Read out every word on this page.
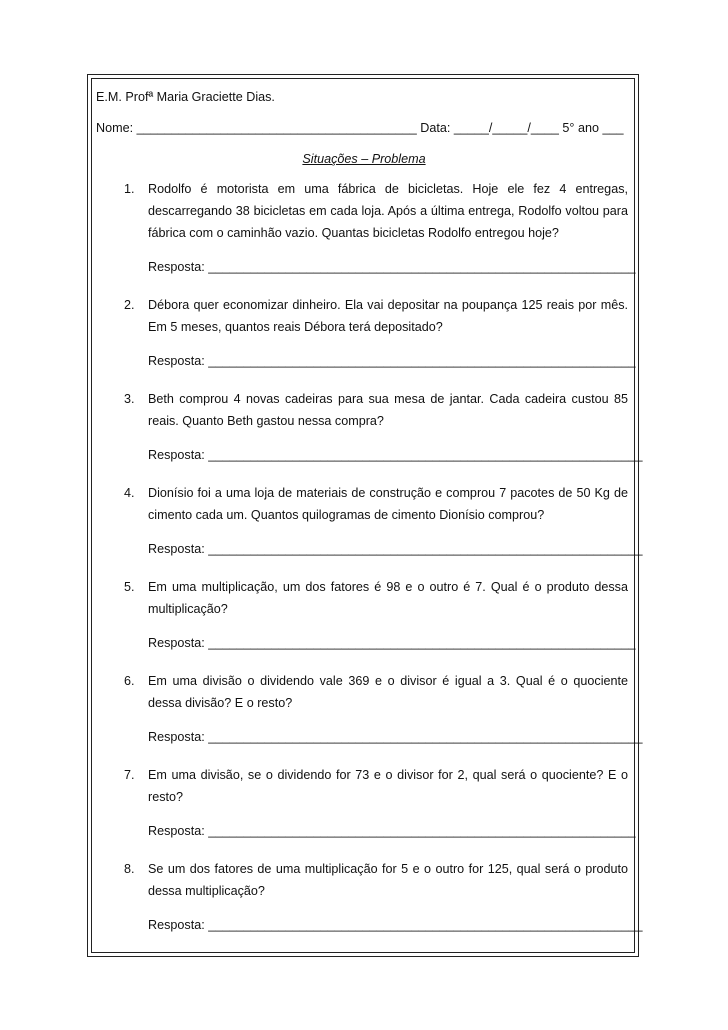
E.M. Profª Maria Graciette Dias.
Nome: ________________________________________ Data: _____/_____/____ 5° ano ___
Situações – Problema
1. Rodolfo é motorista em uma fábrica de bicicletas. Hoje ele fez 4 entregas, descarregando 38 bicicletas em cada loja. Após a última entrega, Rodolfo voltou para fábrica com o caminhão vazio. Quantas bicicletas Rodolfo entregou hoje?
Resposta: _____________________________________________________________
2. Débora quer economizar dinheiro. Ela vai depositar na poupança 125 reais por mês. Em 5 meses, quantos reais Débora terá depositado?
Resposta: _____________________________________________________________
3. Beth comprou 4 novas cadeiras para sua mesa de jantar. Cada cadeira custou 85 reais. Quanto Beth gastou nessa compra?
Resposta: ______________________________________________________________
4. Dionísio foi a uma loja de materiais de construção e comprou 7 pacotes de 50 Kg de cimento cada um. Quantos quilogramas de cimento Dionísio comprou?
Resposta: ______________________________________________________________
5. Em uma multiplicação, um dos fatores é 98 e o outro é 7. Qual é o produto dessa multiplicação?
Resposta: _____________________________________________________________
6. Em uma divisão o dividendo vale 369 e o divisor é igual a 3. Qual é o quociente dessa divisão? E o resto?
Resposta: ______________________________________________________________
7. Em uma divisão, se o dividendo for 73 e o divisor for 2, qual será o quociente? E o resto?
Resposta: _____________________________________________________________
8. Se um dos fatores de uma multiplicação for 5 e o outro for 125, qual será o produto dessa multiplicação?
Resposta: ______________________________________________________________
